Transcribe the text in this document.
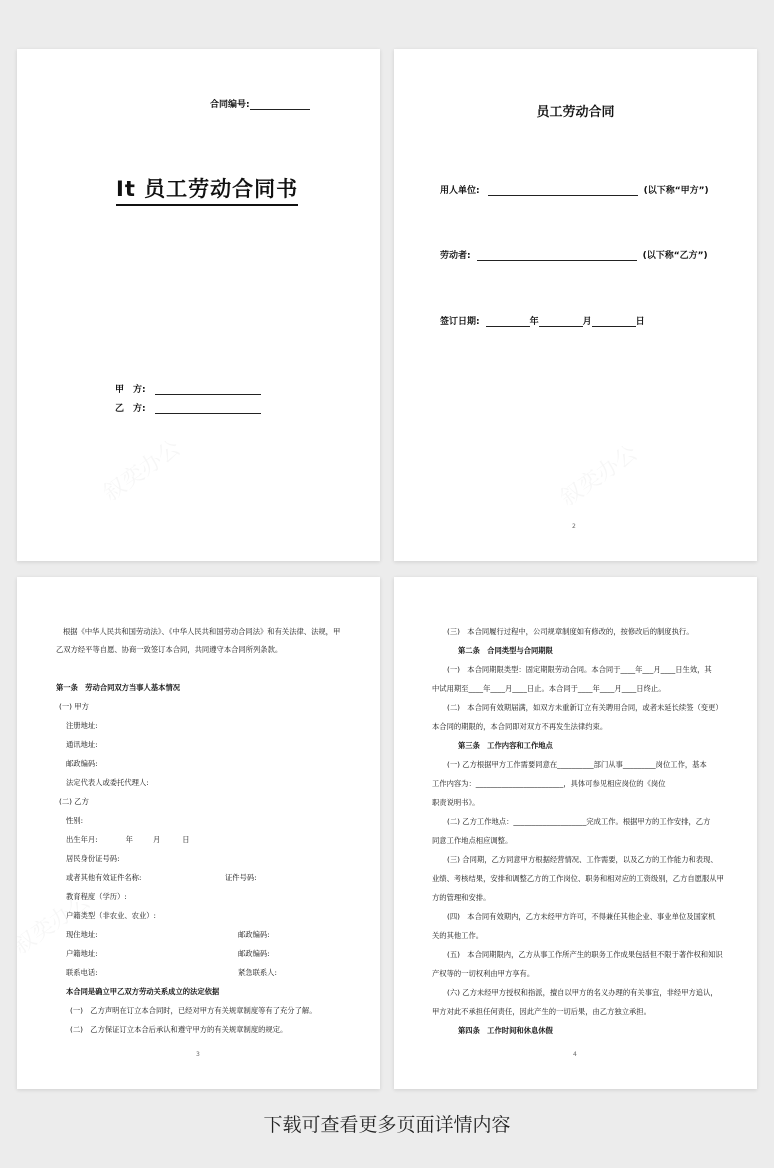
合同编号:
It 员工劳动合同书
甲　方:
乙　方:
员工劳动合同
用人单位:	(以下称“甲方”)
劳动者:	(以下称“乙方”)
签订日期:	年	月	日
2
根据《中华人民共和国劳动法》、《中华人民共和国劳动合同法》和有关法律、法规，甲
乙双方经平等自愿、协商一致签订本合同，共同遵守本合同所列条款。
第一条　劳动合同双方当事人基本情况
(一) 甲方
注册地址:
通讯地址:
邮政编码:
法定代表人或委托代理人:
(二) 乙方
性别:
出生年月:	年	月	日
居民身份证号码:
或者其他有效证件名称:	证件号码:
教育程度（学历）:
户籍类型（非农业、农业）:
现住地址:	邮政编码:
户籍地址:	邮政编码:
联系电话:	紧急联系人:
本合同是确立甲乙双方劳动关系成立的法定依据
(一)　乙方声明在订立本合同时，已经对甲方有关规章制度等有了充分了解。
(二)　乙方保证订立本合后承认和遵守甲方的有关规章制度的规定。
3
(三)　本合同履行过程中，公司规章制度如有修改的，按修改后的制度执行。
第二条　合同类型与合同期限
(一)　本合同期限类型：固定期限劳动合同。本合同于____年___月____日生效，其
中试用期至____年____月____日止。本合同于____年____月____日终止。
(二)　本合同有效期届满，如双方未重新订立有关聘用合同，或者未延长续签（变更）
本合同的期限的，本合同即对双方不再发生法律约束。
第三条　工作内容和工作地点
(一) 乙方根据甲方工作需要同意在__________部门从事_________岗位工作，基本
工作内容为：________________________，具体可参见相应岗位的《岗位
职责说明书》。
(二) 乙方工作地点：____________________完成工作。根据甲方的工作安排，乙方
同意工作地点相应调整。
(三) 合同期，乙方同意甲方根据经营情况、工作需要，以及乙方的工作能力和表现、
业绩、考核结果，安排和调整乙方的工作岗位、职务和相对应的工资级别，乙方自愿服从甲
方的管理和安排。
(四)　本合同有效期内，乙方未经甲方许可，不得兼任其他企业、事业单位及国家机
关的其他工作。
(五)　本合同期限内，乙方从事工作所产生的职务工作成果包括但不限于著作权和知识
产权等的一切权利由甲方享有。
(六) 乙方未经甲方授权和指派，擅自以甲方的名义办理的有关事宜，非经甲方追认，
甲方对此不承担任何责任，因此产生的一切后果，由乙方独立承担。
第四条　工作时间和休息休假
4
下载可查看更多页面详情内容
